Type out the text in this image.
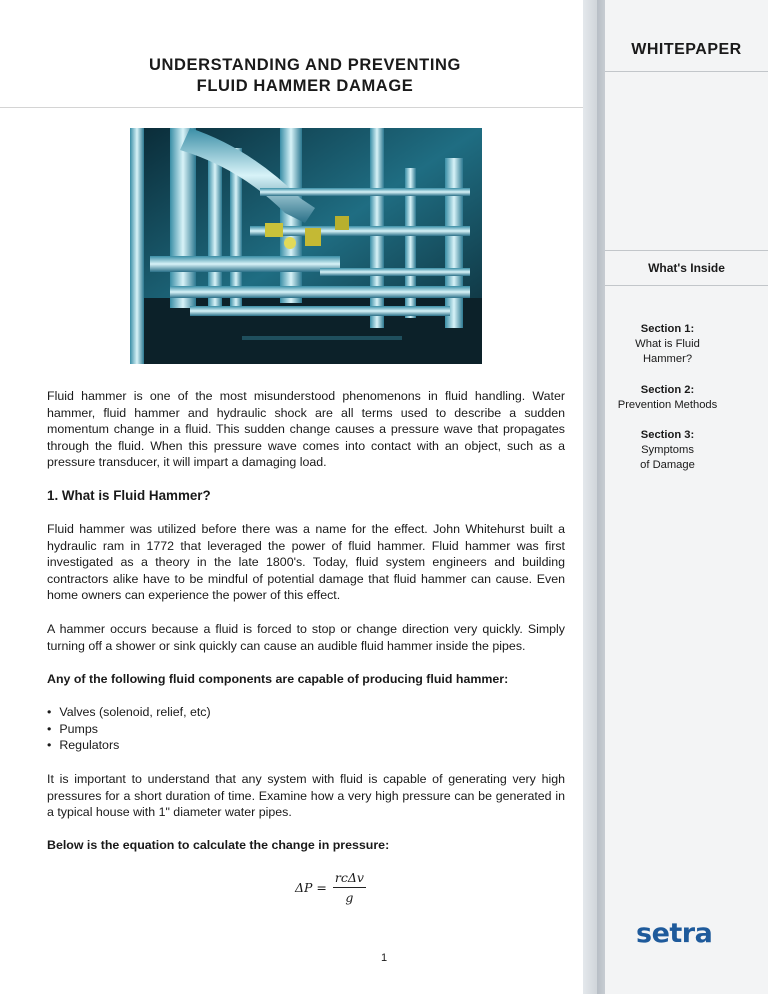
UNDERSTANDING AND PREVENTING
FLUID HAMMER DAMAGE

Fluid hammer is one of the most misunderstood phenomenons in fluid handling. Water hammer, fluid hammer and hydraulic shock are all terms used to describe a sudden momentum change in a fluid. This sudden change causes a pressure wave that propagates through the fluid. When this pressure wave comes into contact with an object, such as a pressure transducer, it will impart a damaging load.

1. What is Fluid Hammer?

Fluid hammer was utilized before there was a name for the effect. John Whitehurst built a hydraulic ram in 1772 that leveraged the power of fluid hammer. Fluid hammer was first investigated as a theory in the late 1800's. Today, fluid system engineers and building contractors alike have to be mindful of potential damage that fluid hammer can cause. Even home owners can experience the power of this effect.

A hammer occurs because a fluid is forced to stop or change direction very quickly. Simply turning off a shower or sink quickly can cause an audible fluid hammer inside the pipes.

Any of the following fluid components are capable of producing fluid hammer:

• Valves (solenoid, relief, etc)
• Pumps
• Regulators

It is important to understand that any system with fluid is capable of generating very high pressures for a short duration of time. Examine how a very high pressure can be generated in a typical house with 1" diameter water pipes.

Below is the equation to calculate the change in pressure:

$\Delta P = \frac{\text{rcΔv}}{g}$
1
WHITEPAPER
What's Inside
Section 1:
What is Fluid Hammer?
Section 2:
Prevention Methods
Section 3:
Symptoms of Damage
setra
